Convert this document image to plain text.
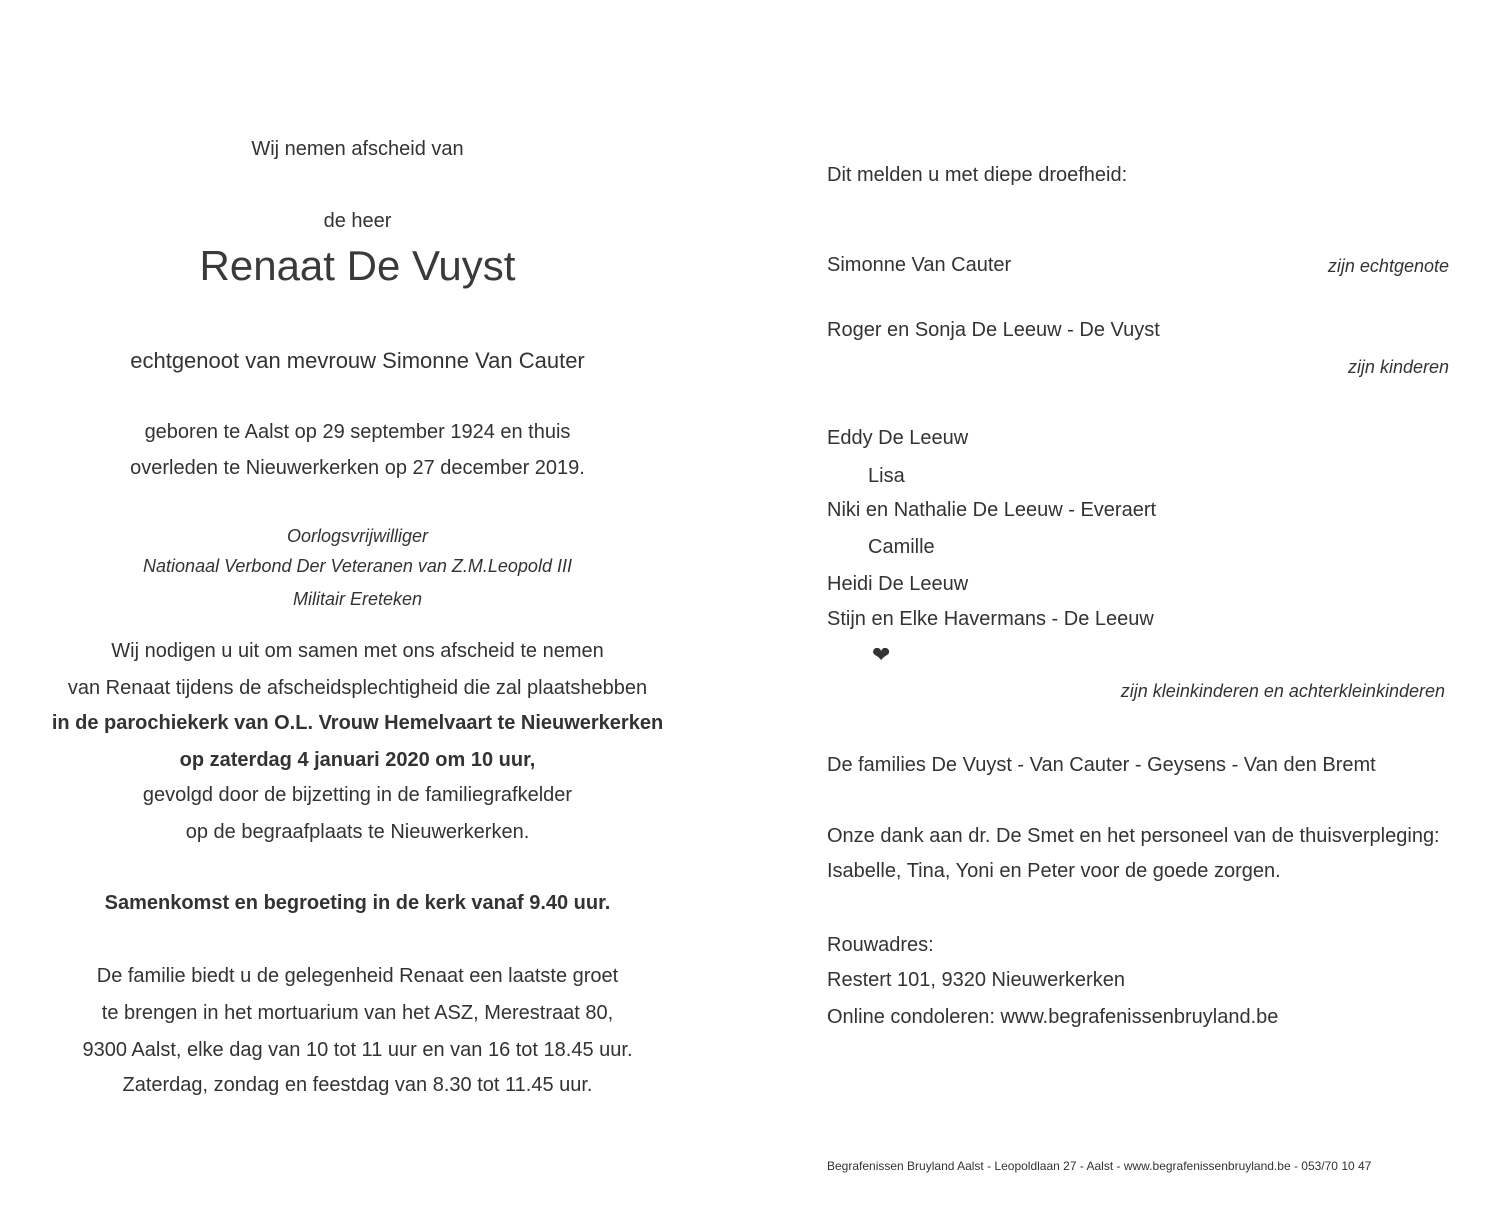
Wij nemen afscheid van
de heer
Renaat De Vuyst
echtgenoot van mevrouw Simonne Van Cauter
geboren te Aalst op 29 september 1924 en thuis
overleden te Nieuwerkerken op 27 december 2019.
Oorlogsvrijwilliger
Nationaal Verbond Der Veteranen van Z.M.Leopold III
Militair Ereteken
Wij nodigen u uit om samen met ons afscheid te nemen
van Renaat tijdens de afscheidsplechtigheid die zal plaatshebben
in de parochiekerk van O.L. Vrouw Hemelvaart te Nieuwerkerken
op zaterdag 4 januari 2020 om 10 uur,
gevolgd door de bijzetting in de familiegrafkelder
op de begraafplaats te Nieuwerkerken.
Samenkomst en begroeting in de kerk vanaf 9.40 uur.
De familie biedt u de gelegenheid Renaat een laatste groet
te brengen in het mortuarium van het ASZ, Merestraat 80,
9300 Aalst, elke dag van 10 tot 11 uur en van 16 tot 18.45 uur.
Zaterdag, zondag en feestdag van 8.30 tot 11.45 uur.
Dit melden u met diepe droefheid:
Simonne Van Cauter	zijn echtgenote
Roger en Sonja De Leeuw - De Vuyst
zijn kinderen
Eddy De Leeuw
Lisa
Niki en Nathalie De Leeuw - Everaert
Camille
Heidi De Leeuw
Stijn en Elke Havermans - De Leeuw
❤
zijn kleinkinderen en achterkleinkinderen
De families De Vuyst - Van Cauter - Geysens - Van den Bremt
Onze dank aan dr. De Smet en het personeel van de thuisverpleging:
Isabelle, Tina, Yoni en Peter voor de goede zorgen.
Rouwadres:
Restert 101, 9320 Nieuwerkerken
Online condoleren: www.begrafenissenbruyland.be
Begrafenissen Bruyland Aalst - Leopoldlaan 27 - Aalst - www.begrafenissenbruyland.be - 053/70 10 47
